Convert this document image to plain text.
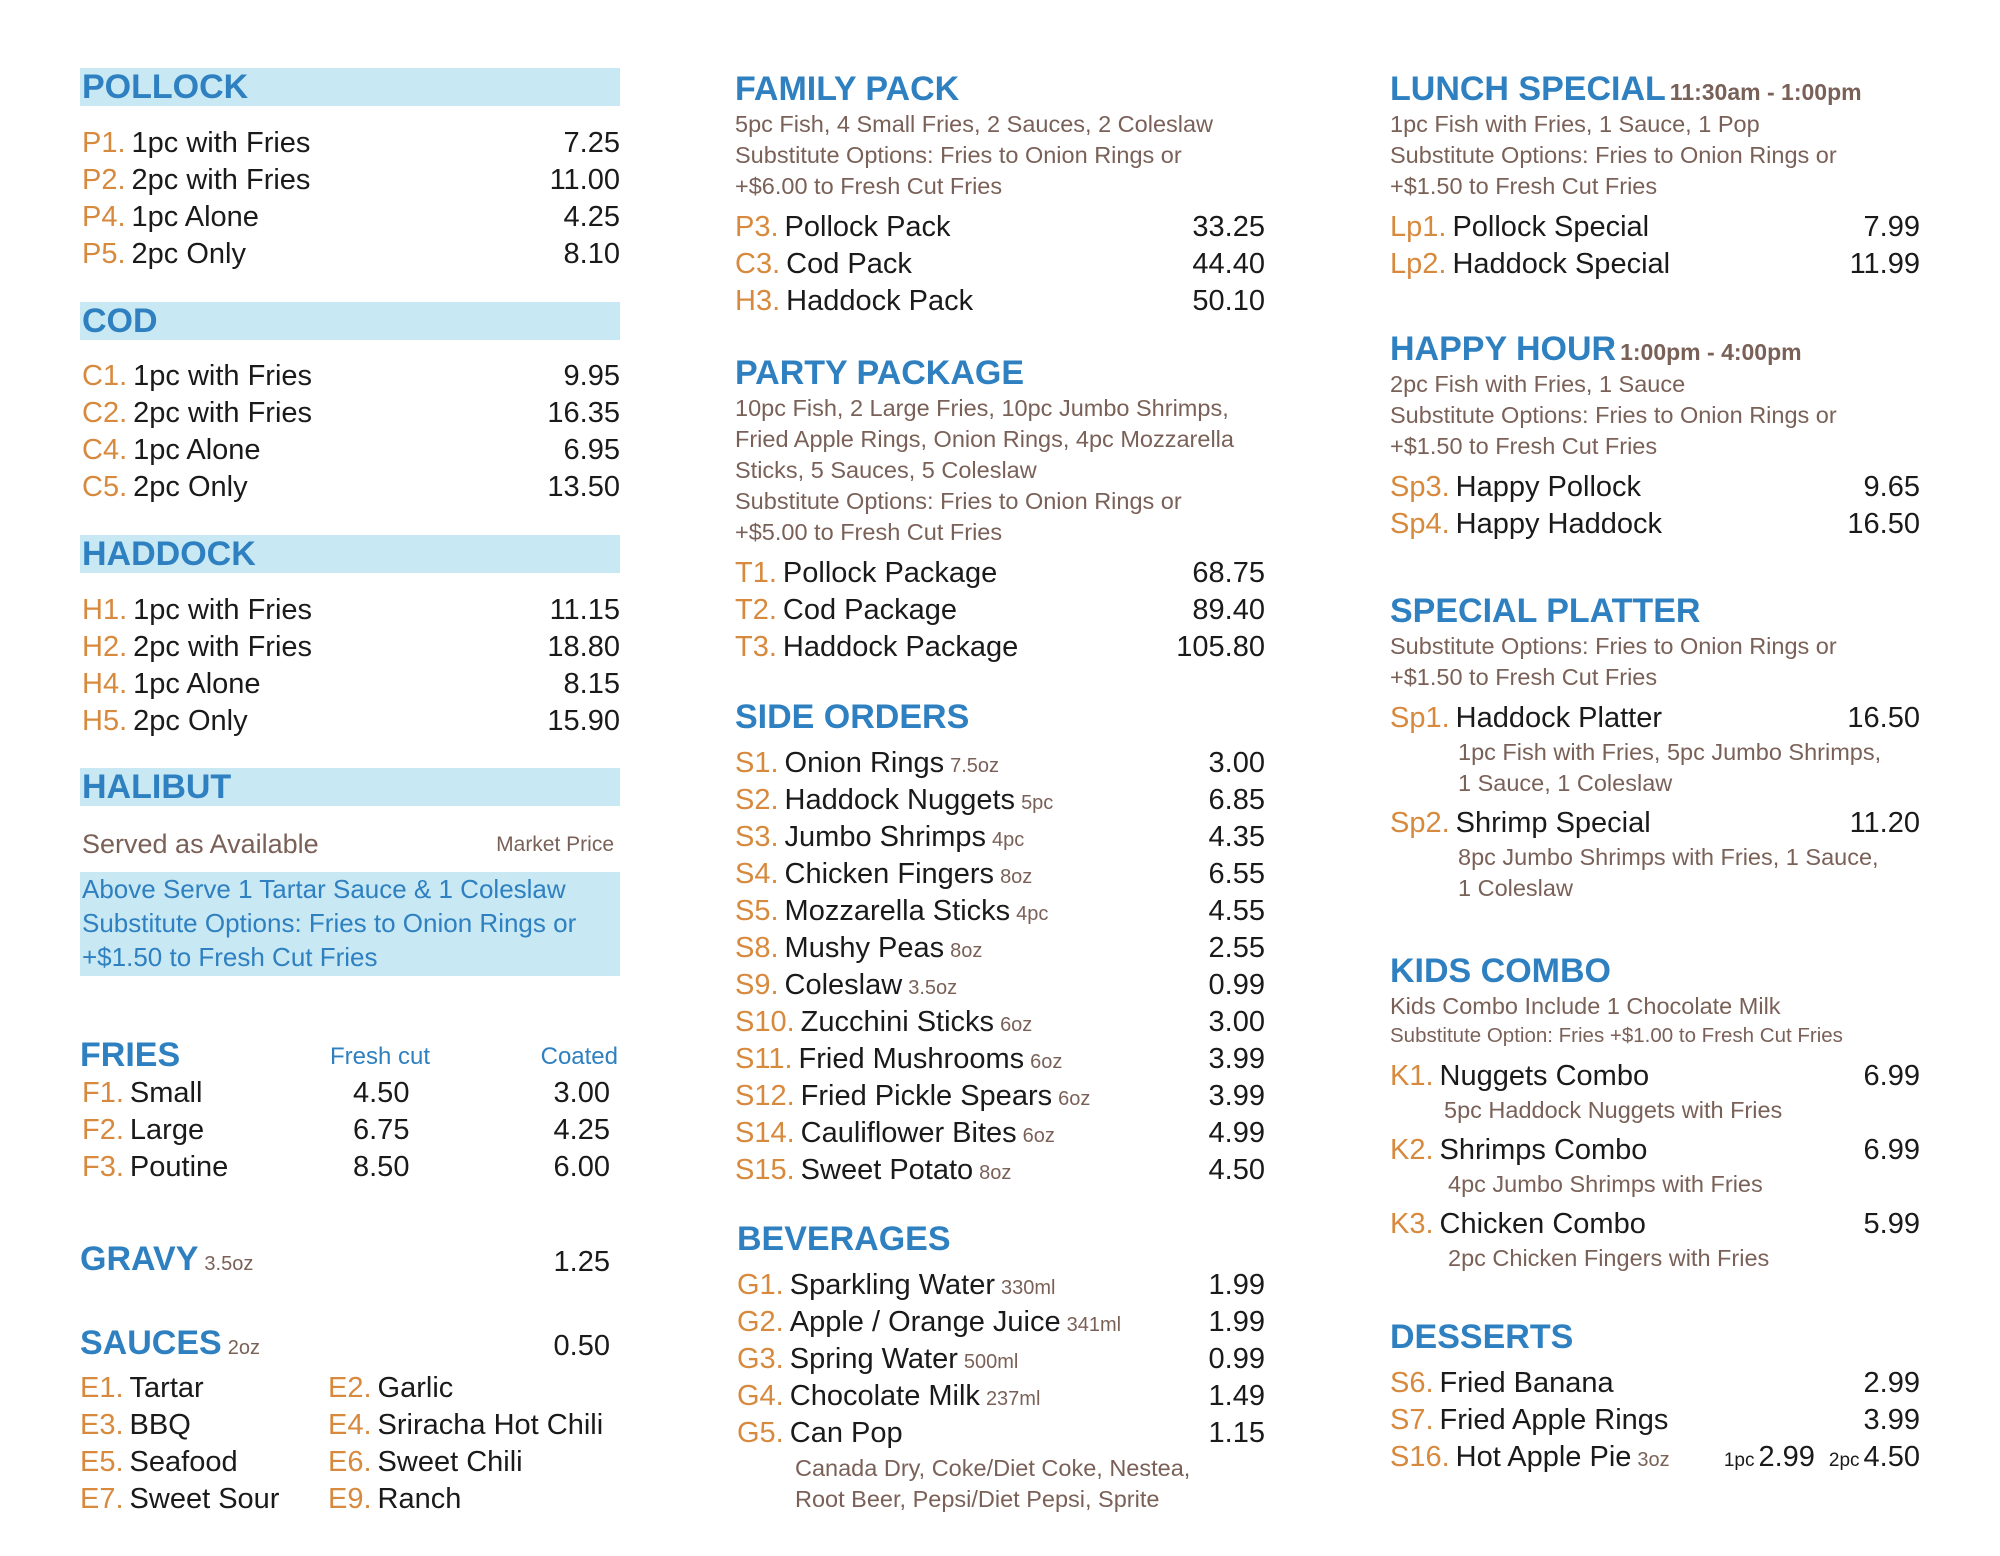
POLLOCK
P1. 1pc with Fries	7.25
P2. 2pc with Fries	11.00
P4. 1pc Alone	4.25
P5. 2pc Only	8.10
COD
C1. 1pc with Fries	9.95
C2. 2pc with Fries	16.35
C4. 1pc Alone	6.95
C5. 2pc Only	13.50
HADDOCK
H1. 1pc with Fries	11.15
H2. 2pc with Fries	18.80
H4. 1pc Alone	8.15
H5. 2pc Only	15.90
HALIBUT
Served as Available	Market Price
Above Serve 1 Tartar Sauce & 1 Coleslaw
Substitute Options: Fries to Onion Rings or
+$1.50 to Fresh Cut Fries
FRIES	Fresh cut	Coated
F1. Small	4.50	3.00
F2. Large	6.75	4.25
F3. Poutine	8.50	6.00
GRAVY 3.5oz	1.25
SAUCES 2oz	0.50
E1. Tartar	E2. Garlic
E3. BBQ	E4. Sriracha Hot Chili
E5. Seafood	E6. Sweet Chili
E7. Sweet Sour E9. Ranch
FAMILY PACK
5pc Fish, 4 Small Fries, 2 Sauces, 2 Coleslaw
Substitute Options: Fries to Onion Rings or
+$6.00 to Fresh Cut Fries
P3. Pollock Pack	33.25
C3. Cod Pack	44.40
H3. Haddock Pack	50.10
PARTY PACKAGE
10pc Fish, 2 Large Fries, 10pc Jumbo Shrimps,
Fried Apple Rings, Onion Rings, 4pc Mozzarella
Sticks, 5 Sauces, 5 Coleslaw
Substitute Options: Fries to Onion Rings or
+$5.00 to Fresh Cut Fries
T1. Pollock Package	68.75
T2. Cod Package	89.40
T3. Haddock Package	105.80
SIDE ORDERS
S1. Onion Rings 7.5oz	3.00
S2. Haddock Nuggets 5pc	6.85
S3. Jumbo Shrimps 4pc	4.35
S4. Chicken Fingers 8oz	6.55
S5. Mozzarella Sticks 4pc	4.55
S8. Mushy Peas 8oz	2.55
S9. Coleslaw 3.5oz	0.99
S10. Zucchini Sticks 6oz	3.00
S11. Fried Mushrooms 6oz	3.99
S12. Fried Pickle Spears 6oz	3.99
S14. Cauliflower Bites 6oz	4.99
S15. Sweet Potato 8oz	4.50
BEVERAGES
G1. Sparkling Water 330ml	1.99
G2. Apple / Orange Juice 341ml	1.99
G3. Spring Water 500ml	0.99
G4. Chocolate Milk 237ml	1.49
G5. Can Pop	1.15
Canada Dry, Coke/Diet Coke, Nestea,
Root Beer, Pepsi/Diet Pepsi, Sprite
LUNCH SPECIAL 11:30am - 1:00pm
1pc Fish with Fries, 1 Sauce, 1 Pop
Substitute Options: Fries to Onion Rings or
+$1.50 to Fresh Cut Fries
Lp1. Pollock Special	7.99
Lp2. Haddock Special	11.99
HAPPY HOUR 1:00pm - 4:00pm
2pc Fish with Fries, 1 Sauce
Substitute Options: Fries to Onion Rings or
+$1.50 to Fresh Cut Fries
Sp3. Happy Pollock	9.65
Sp4. Happy Haddock	16.50
SPECIAL PLATTER
Substitute Options: Fries to Onion Rings or
+$1.50 to Fresh Cut Fries
Sp1. Haddock Platter	16.50
1pc Fish with Fries, 5pc Jumbo Shrimps,
1 Sauce, 1 Coleslaw
Sp2. Shrimp Special	11.20
8pc Jumbo Shrimps with Fries, 1 Sauce,
1 Coleslaw
KIDS COMBO
Kids Combo Include 1 Chocolate Milk
Substitute Option: Fries +$1.00 to Fresh Cut Fries
K1. Nuggets Combo	6.99
5pc Haddock Nuggets with Fries
K2. Shrimps Combo	6.99
4pc Jumbo Shrimps with Fries
K3. Chicken Combo	5.99
2pc Chicken Fingers with Fries
DESSERTS
S6. Fried Banana	2.99
S7. Fried Apple Rings	3.99
S16. Hot Apple Pie 3oz	1pc 2.99 2pc 4.50
